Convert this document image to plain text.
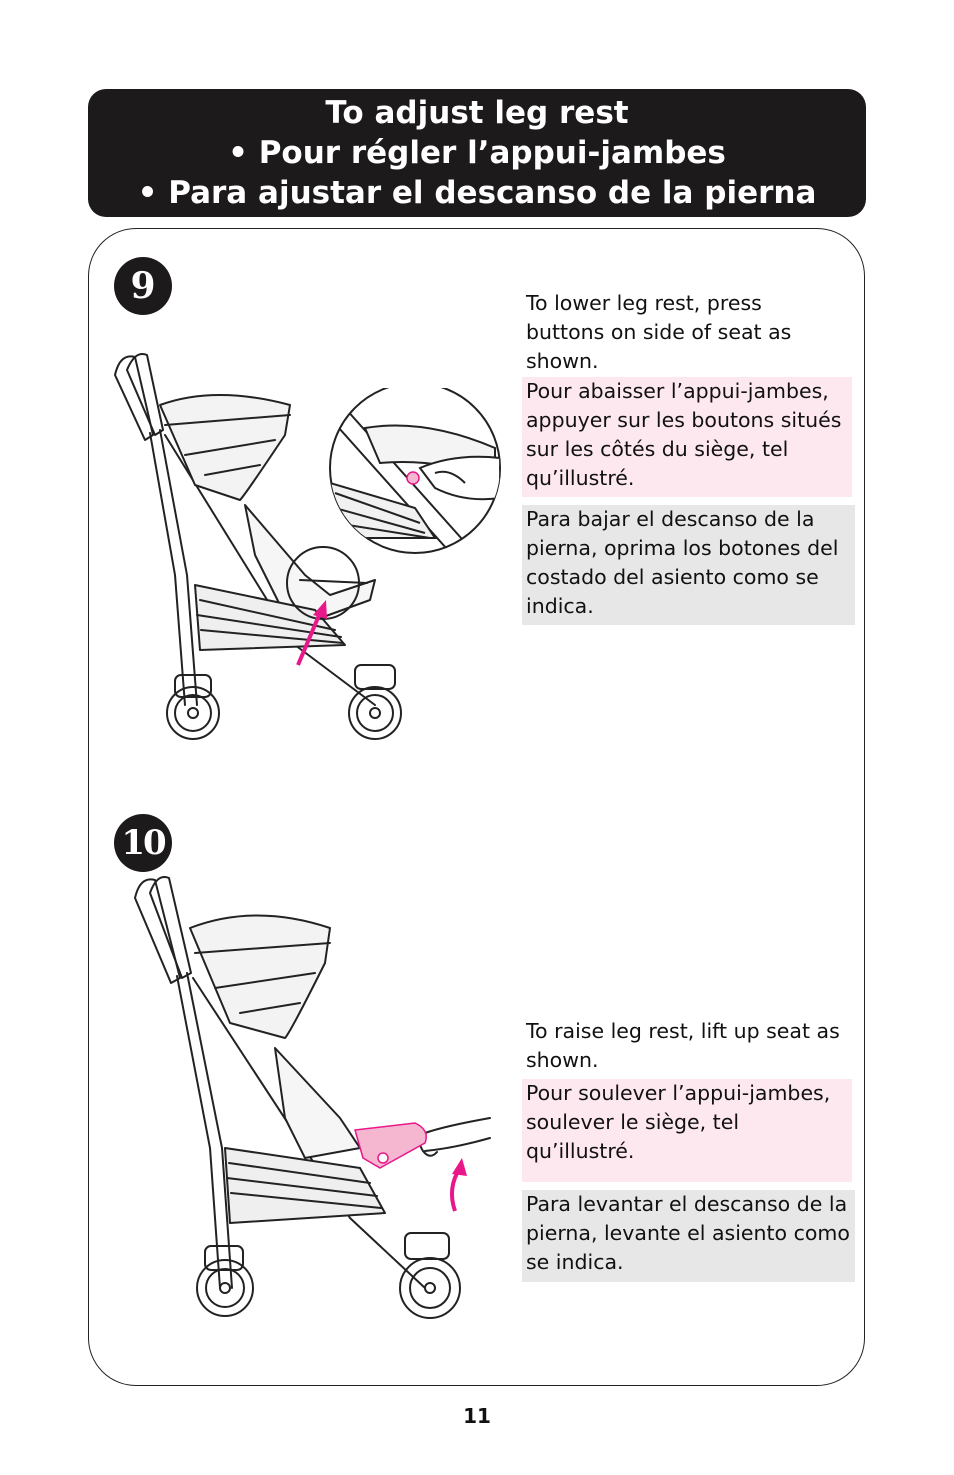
To adjust leg rest
• Pour régler l’appui-jambes
• Para ajustar el descanso de la pierna
9	To lower leg rest, press buttons on side of seat as shown.
Pour abaisser l’appui-jambes, appuyer sur les boutons situés sur les côtés du siège, tel qu’illustré.
Para bajar el descanso de la pierna, oprima los botones del costado del asiento como se indica.
10
To raise leg rest, lift up seat as shown.
Pour soulever l’appui-jambes, soulever le siège, tel qu’illustré.
Para levantar el descanso de la pierna, levante el asiento como se indica.
11
